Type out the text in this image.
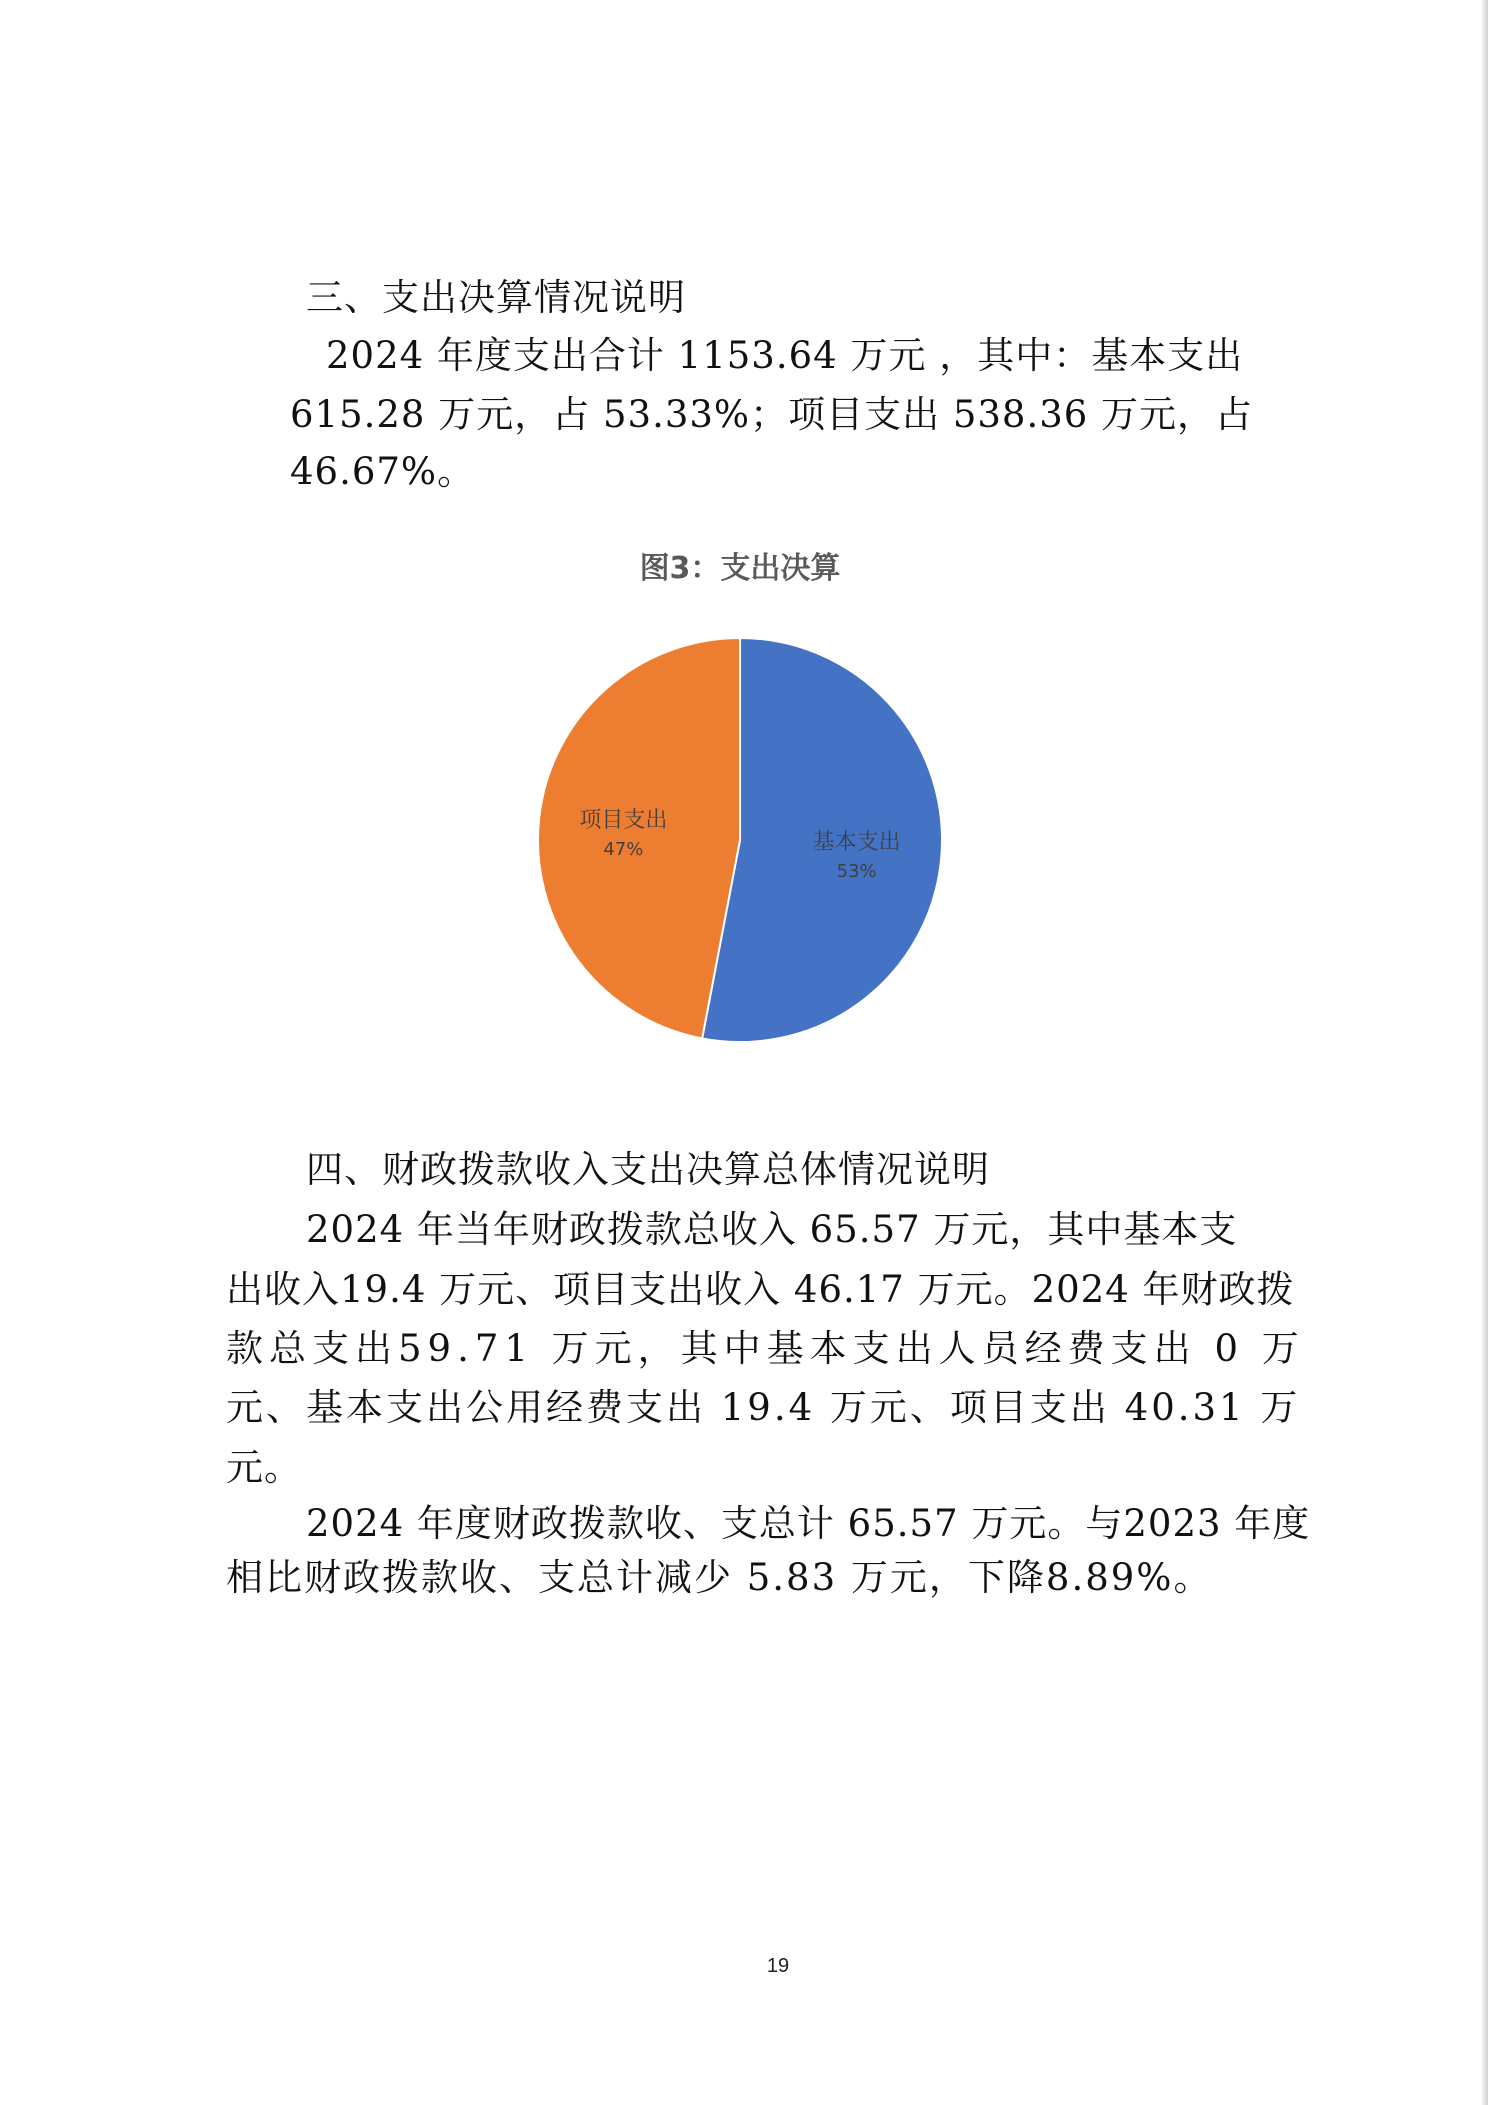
三、支出决算情况说明
2024 年度支出合计 1153.64 万元 ，其中：基本支出
615.28 万元，占 53.33%；项目支出 538.36 万元，占
46.67%。
图3：支出决算
基本支出
53%
项目支出
47%
四、财政拨款收入支出决算总体情况说明
2024 年当年财政拨款总收入 65.57 万元，其中基本支
出收入19.4 万元、项目支出收入 46.17 万元。2024 年财政拨
款总支出59.71 万元，其中基本支出人员经费支出 0 万
元、基本支出公用经费支出 19.4 万元、项目支出 40.31 万
元。
2024 年度财政拨款收、支总计 65.57 万元。与2023 年度
相比财政拨款收、支总计减少 5.83 万元，下降8.89%。
19
